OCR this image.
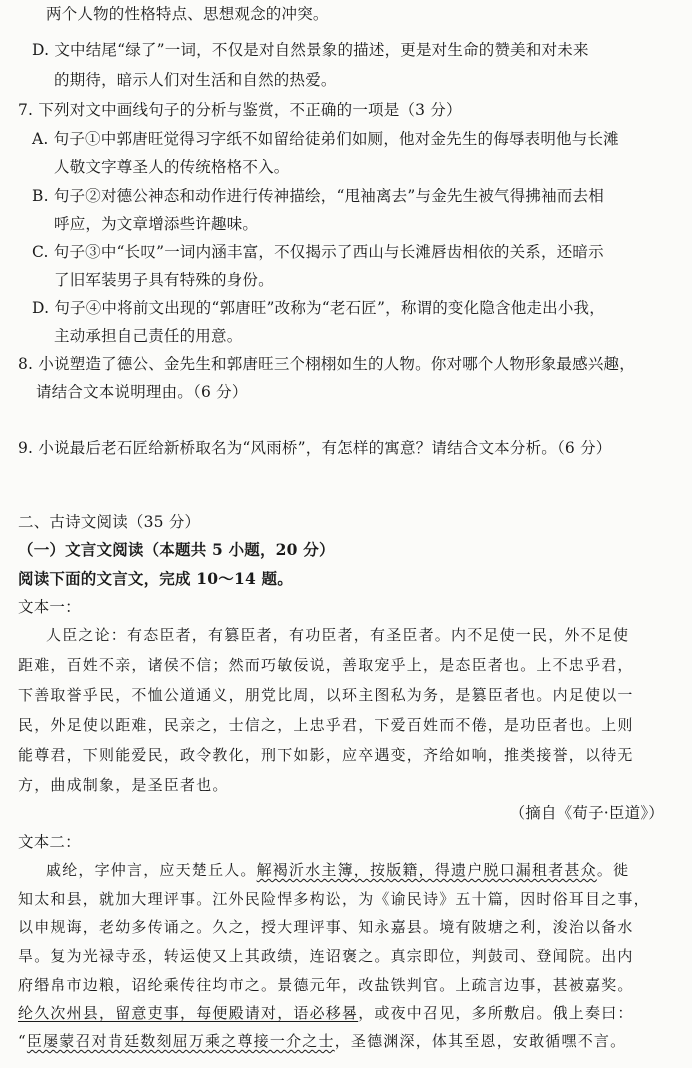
两个人物的性格特点、思想观念的冲突。
D. 文中结尾“绿了”一词，不仅是对自然景象的描述，更是对生命的赞美和对未来
的期待，暗示人们对生活和自然的热爱。
7. 下列对文中画线句子的分析与鉴赏，不正确的一项是（3 分）
A. 句子①中郭唐旺觉得习字纸不如留给徒弟们如厕，他对金先生的侮辱表明他与长滩
人敬文字尊圣人的传统格格不入。
B. 句子②对德公神态和动作进行传神描绘，“甩袖离去”与金先生被气得拂袖而去相
呼应，为文章增添些许趣味。
C. 句子③中“长叹”一词内涵丰富，不仅揭示了西山与长滩唇齿相依的关系，还暗示
了旧军装男子具有特殊的身份。
D. 句子④中将前文出现的“郭唐旺”改称为“老石匠”，称谓的变化隐含他走出小我，
主动承担自己责任的用意。
8. 小说塑造了德公、金先生和郭唐旺三个栩栩如生的人物。你对哪个人物形象最感兴趣，
请结合文本说明理由。（6 分）
9. 小说最后老石匠给新桥取名为“风雨桥”，有怎样的寓意？请结合文本分析。（6 分）
二、古诗文阅读（35 分）
（一）文言文阅读（本题共 5 小题，20 分）
阅读下面的文言文，完成 10～14 题。
文本一：
人臣之论：有态臣者，有篡臣者，有功臣者，有圣臣者。内不足使一民，外不足使
距难，百姓不亲，诸侯不信；然而巧敏佞说，善取宠乎上，是态臣者也。上不忠乎君，
下善取誉乎民，不恤公道通义，朋党比周，以环主图私为务，是篡臣者也。内足使以一
民，外足使以距难，民亲之，士信之，上忠乎君，下爱百姓而不倦，是功臣者也。上则
能尊君，下则能爱民，政令教化，刑下如影，应卒遇变，齐给如响，推类接誉，以待无
方，曲成制象，是圣臣者也。
（摘自《荀子·臣道》）
文本二：
戚纶，字仲言，应天楚丘人。解褐沂水主簿，按版籍，得遗户脱口漏租者甚众。徙
知太和县，就加大理评事。江外民险悍多构讼，为《谕民诗》五十篇，因时俗耳目之事，
以申规诲，老幼多传诵之。久之，授大理评事、知永嘉县。境有陂塘之利，浚治以备水
旱。复为光禄寺丞，转运使又上其政绩，连诏褒之。真宗即位，判鼓司、登闻院。出内
府缗帛市边粮，诏纶乘传往均市之。景德元年，改盐铁判官。上疏言边事，甚被嘉奖。
纶久次州县，留意吏事，每便殿请对，语必移晷，或夜中召见，多所敷启。俄上奏曰：
“臣屡蒙召对肯廷数刻屈万乘之尊接一介之士，圣德渊深，体其至恩，安敢循嘿不言。
